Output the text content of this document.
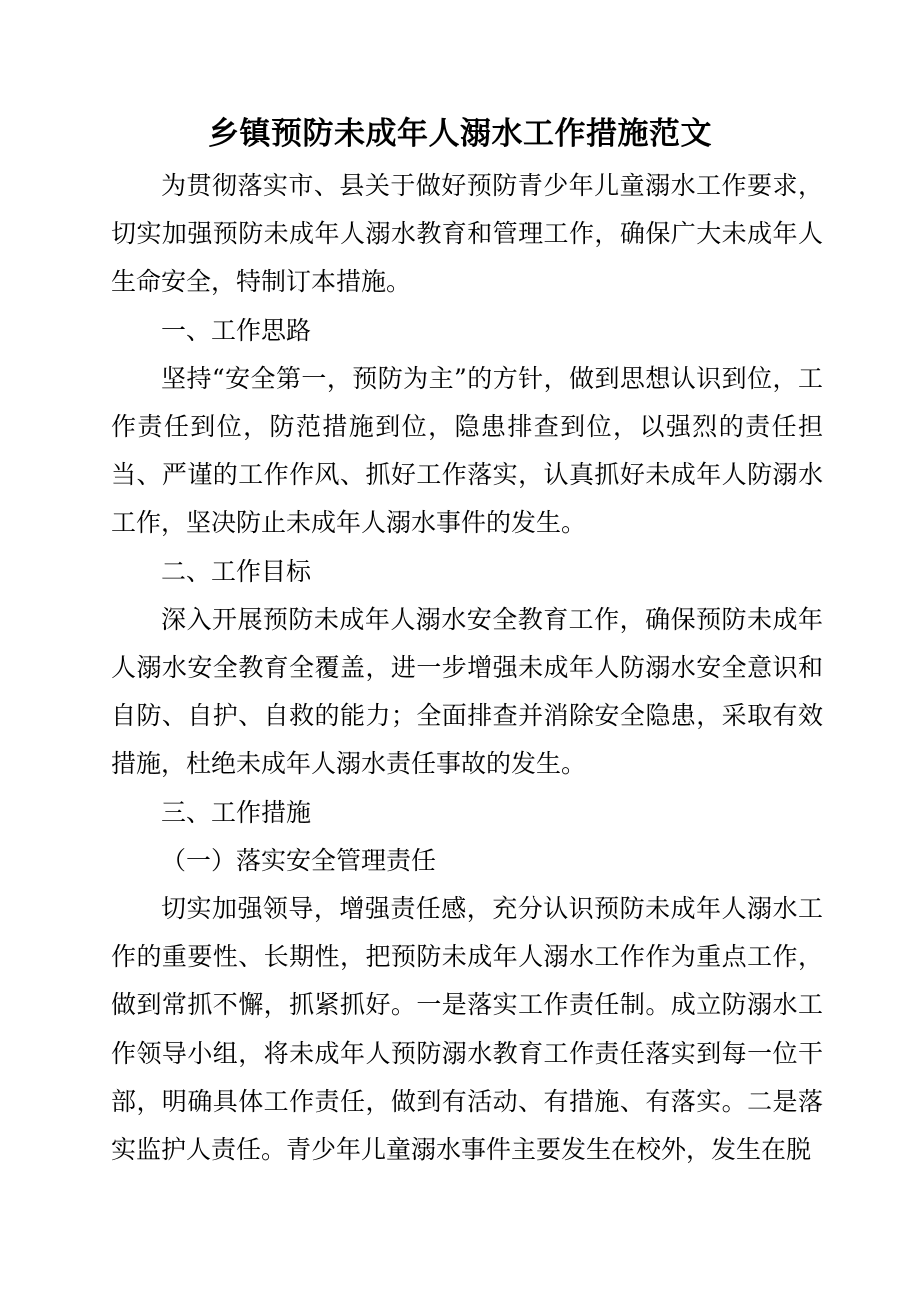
乡镇预防未成年人溺水工作措施范文

为贯彻落实市、县关于做好预防青少年儿童溺水工作要求，切实加强预防未成年人溺水教育和管理工作，确保广大未成年人生命安全，特制订本措施。

一、工作思路

坚持“安全第一，预防为主”的方针，做到思想认识到位，工作责任到位，防范措施到位，隐患排查到位，以强烈的责任担当、严谨的工作作风、抓好工作落实，认真抓好未成年人防溺水工作，坚决防止未成年人溺水事件的发生。

二、工作目标

深入开展预防未成年人溺水安全教育工作，确保预防未成年人溺水安全教育全覆盖，进一步增强未成年人防溺水安全意识和自防、自护、自救的能力；全面排查并消除安全隐患，采取有效措施，杜绝未成年人溺水责任事故的发生。

三、工作措施

（一）落实安全管理责任

切实加强领导，增强责任感，充分认识预防未成年人溺水工作的重要性、长期性，把预防未成年人溺水工作作为重点工作，做到常抓不懈，抓紧抓好。一是落实工作责任制。成立防溺水工作领导小组，将未成年人预防溺水教育工作责任落实到每一位干部，明确具体工作责任，做到有活动、有措施、有落实。二是落实监护人责任。青少年儿童溺水事件主要发生在校外，发生在脱
